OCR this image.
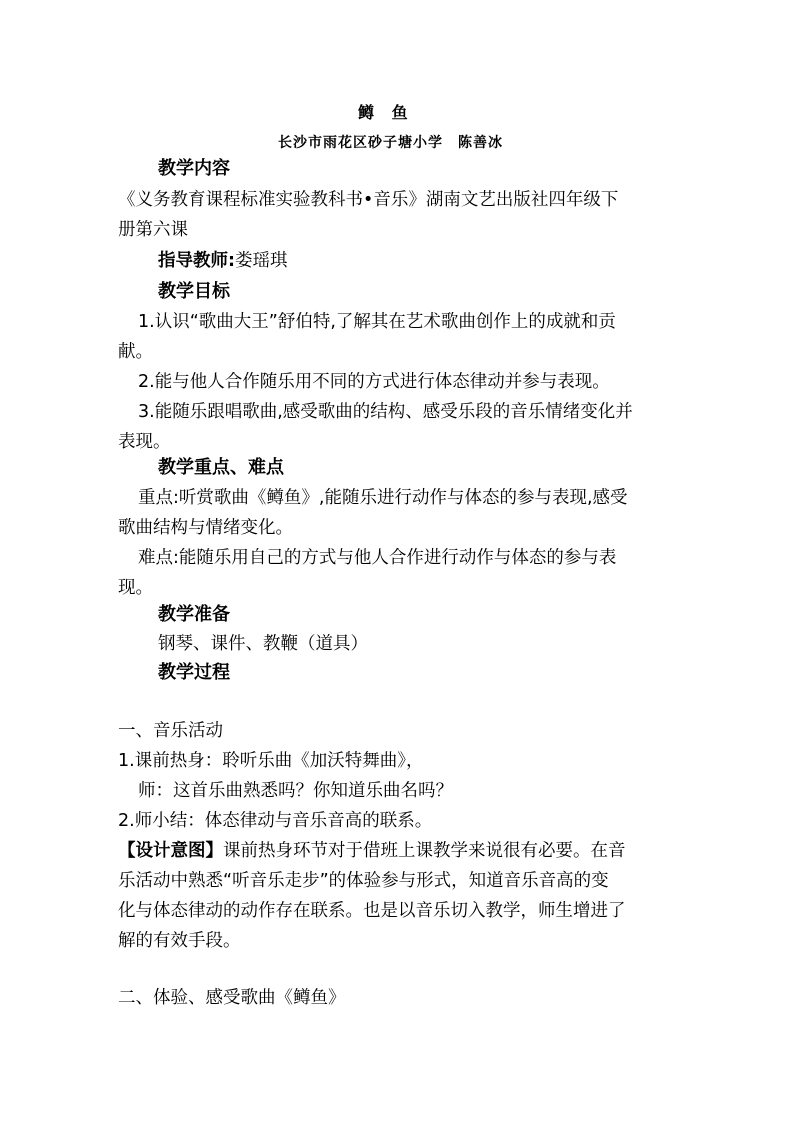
鳟 鱼
长沙市雨花区砂子塘小学　陈善冰
教学内容
《义务教育课程标准实验教科书•音乐》湖南文艺出版社四年级下
册第六课
指导教师:娄瑶琪
教学目标
1.认识“歌曲大王”舒伯特,了解其在艺术歌曲创作上的成就和贡
献。
2.能与他人合作随乐用不同的方式进行体态律动并参与表现。
3.能随乐跟唱歌曲,感受歌曲的结构、感受乐段的音乐情绪变化并
表现。
教学重点、难点
重点:听赏歌曲《鳟鱼》,能随乐进行动作与体态的参与表现,感受
歌曲结构与情绪变化。
难点:能随乐用自己的方式与他人合作进行动作与体态的参与表
现。
教学准备
钢琴、课件、教鞭（道具）
教学过程
一、音乐活动
1.课前热身：聆听乐曲《加沃特舞曲》，
师：这首乐曲熟悉吗？你知道乐曲名吗？
2.师小结：体态律动与音乐音高的联系。
【设计意图】课前热身环节对于借班上课教学来说很有必要。在音
乐活动中熟悉“听音乐走步”的体验参与形式，知道音乐音高的变
化与体态律动的动作存在联系。也是以音乐切入教学，师生增进了
解的有效手段。
二、体验、感受歌曲《鳟鱼》
